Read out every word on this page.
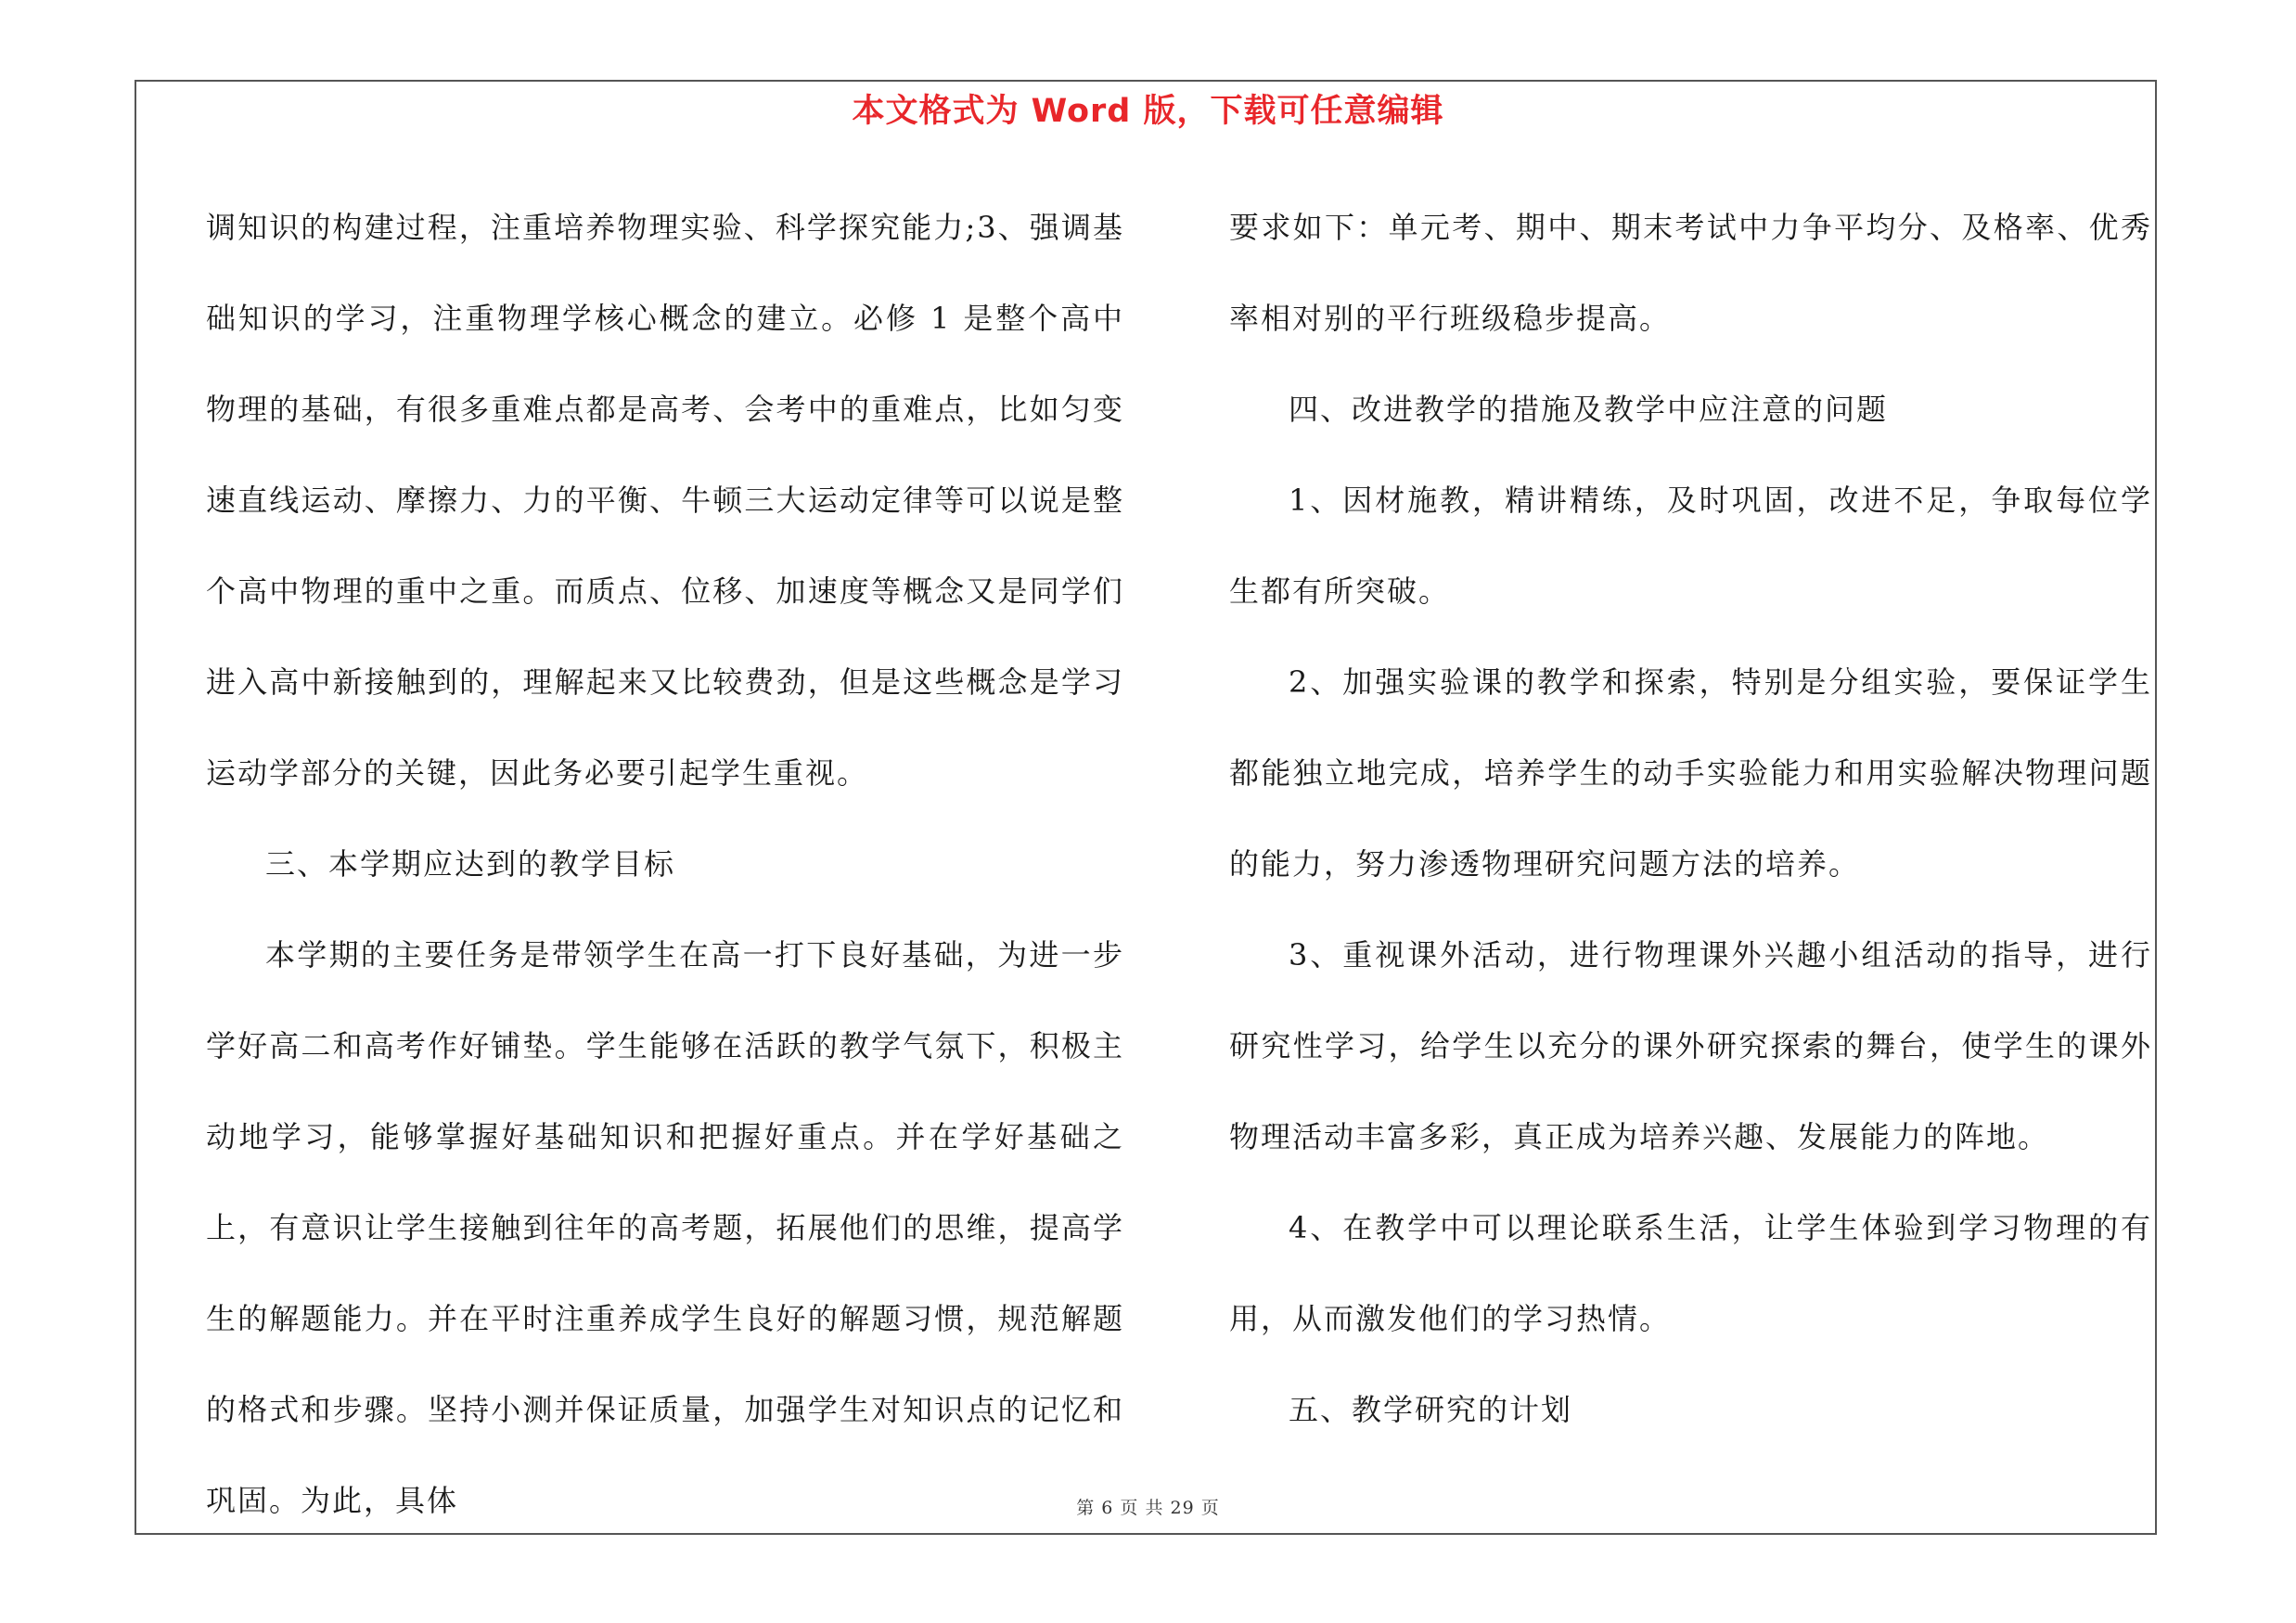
本文格式为 Word 版，下载可任意编辑

调知识的构建过程，注重培养物理实验、科学探究能力;3、强调基础知识的学习，注重物理学核心概念的建立。必修 1 是整个高中物理的基础，有很多重难点都是高考、会考中的重难点，比如匀变速直线运动、摩擦力、力的平衡、牛顿三大运动定律等可以说是整个高中物理的重中之重。而质点、位移、加速度等概念又是同学们进入高中新接触到的，理解起来又比较费劲，但是这些概念是学习运动学部分的关键，因此务必要引起学生重视。

三、本学期应达到的教学目标

本学期的主要任务是带领学生在高一打下良好基础，为进一步学好高二和高考作好铺垫。学生能够在活跃的教学气氛下，积极主动地学习，能够掌握好基础知识和把握好重点。并在学好基础之上，有意识让学生接触到往年的高考题，拓展他们的思维，提高学生的解题能力。并在平时注重养成学生良好的解题习惯，规范解题的格式和步骤。坚持小测并保证质量，加强学生对知识点的记忆和巩固。为此，具体

要求如下：单元考、期中、期末考试中力争平均分、及格率、优秀率相对别的平行班级稳步提高。

四、改进教学的措施及教学中应注意的问题

1、因材施教，精讲精练，及时巩固，改进不足，争取每位学生都有所突破。

2、加强实验课的教学和探索，特别是分组实验，要保证学生都能独立地完成，培养学生的动手实验能力和用实验解决物理问题的能力，努力渗透物理研究问题方法的培养。

3、重视课外活动，进行物理课外兴趣小组活动的指导，进行研究性学习，给学生以充分的课外研究探索的舞台，使学生的课外物理活动丰富多彩，真正成为培养兴趣、发展能力的阵地。

4、在教学中可以理论联系生活，让学生体验到学习物理的有用，从而激发他们的学习热情。

五、教学研究的计划

第 6 页 共 29 页
